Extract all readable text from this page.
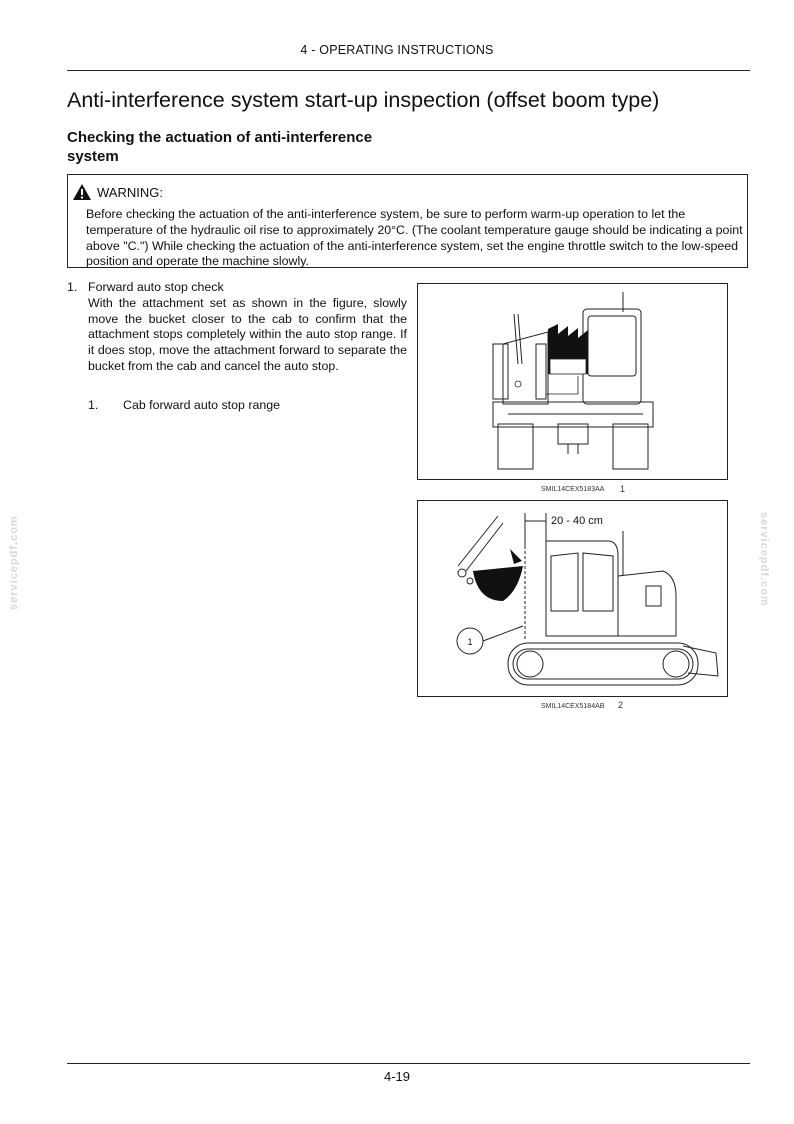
4 - OPERATING INSTRUCTIONS
Anti-interference system start-up inspection (offset boom type)
Checking the actuation of anti-interference system
WARNING:
Before checking the actuation of the anti-interference system, be sure to perform warm-up operation to let the temperature of the hydraulic oil rise to approximately 20°C. (The coolant temperature gauge should be indicating a point above "C.") While checking the actuation of the anti-interference system, set the engine throttle switch to the low-speed position and operate the machine slowly.
1. Forward auto stop check
With the attachment set as shown in the figure, slowly move the bucket closer to the cab to confirm that the attachment stops completely within the auto stop range. If it does stop, move the attachment forward to separate the bucket from the cab and cancel the auto stop.
1.	Cab forward auto stop range
SMIL14CEX5183AA 1
1
20 - 40 cm
SMIL14CEX5184AB 2
servicepdf.com	servicepdf.com
4-19
